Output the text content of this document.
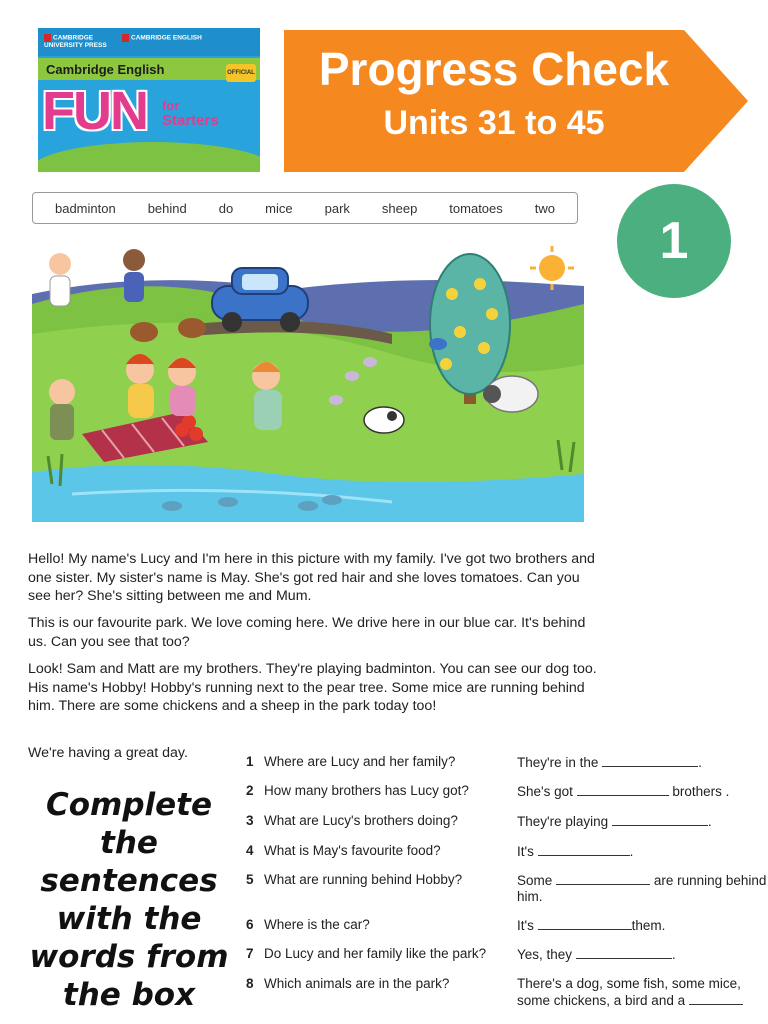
CAMBRIDGE UNIVERSITY PRESS
CAMBRIDGE ENGLISH
Cambridge English	OFFICIAL
FUN for
Starters
Progress Check
Units 31 to 45
badminton behind do mice park sheep tomatoes two
1

Hello! My name's Lucy and I'm here in this picture with my family. I've got two brothers and one sister. My sister's name is May. She's got red hair and she loves tomatoes. Can you see her? She's sitting between me and Mum.

This is our favourite park. We love coming here. We drive here in our blue car. It's behind us. Can you see that too?

Look! Sam and Matt are my brothers. They're playing badminton. You can see our dog too. His name's Hobby! Hobby's running next to the pear tree. Some mice are running behind him. There are some chickens and a sheep in the park today too!

We're having a great day.

Complete the sentences with the words from the box
1 Where are Lucy and her family?	They're in the	.
2 How many brothers has Lucy got?	She's got	brothers .
3 What are Lucy's brothers doing?	They're playing	.
4 What is May's favourite food?	It's	.
5 What are running behind Hobby?	Some	are running behind him.
6 Where is the car?	It's	them.
7 Do Lucy and her family like the park? Yes, they	.
8 Which animals are in the park?	There's a dog, some fish, some mice, some chickens, a bird and a
